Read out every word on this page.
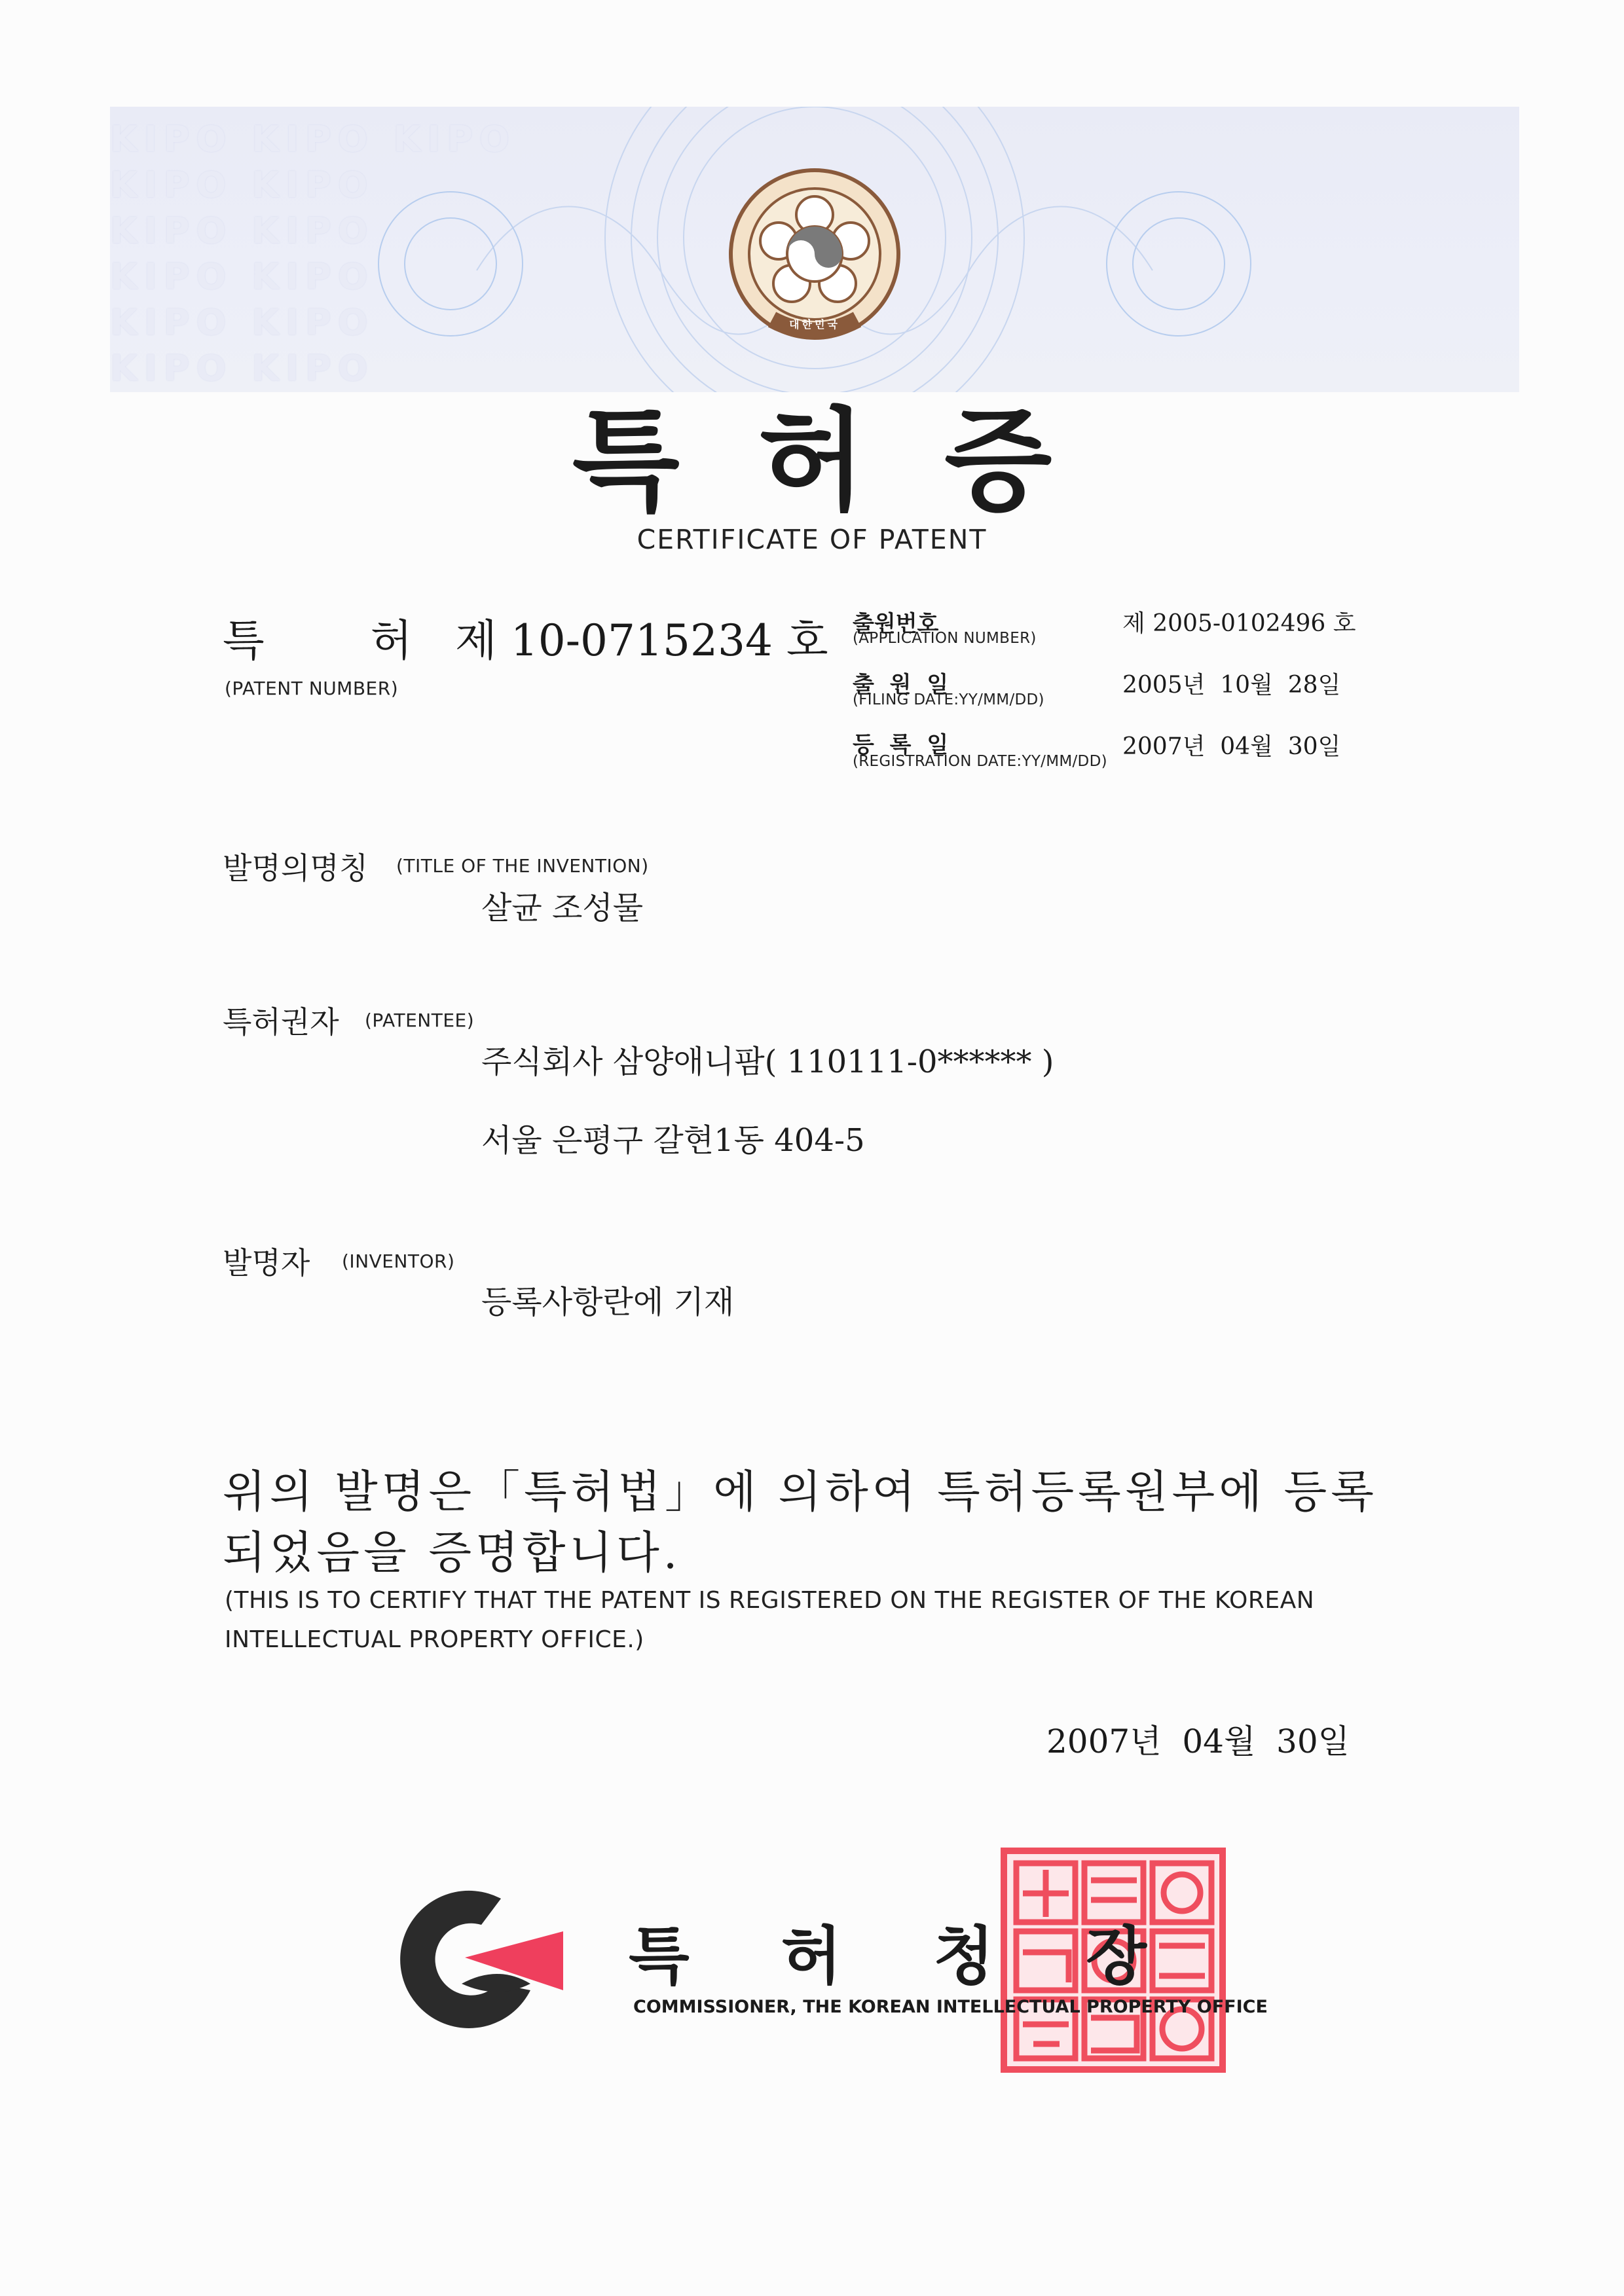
KIPO KIPO KIPO
KIPO KIPO
KIPO KIPO
KIPO KIPO
KIPO KIPO
KIPO KIPO
대한민국
특허증
CERTIFICATE OF PATENT
특  허 제 10-0715234 호
(PATENT NUMBER)
출원번호
(APPLICATION NUMBER)
제 2005-0102496 호
출 원 일
(FILING DATE:YY/MM/DD)
2005년  10월  28일
등 록 일
(REGISTRATION DATE:YY/MM/DD)
2007년  04월  30일
발명의명칭 (TITLE OF THE INVENTION)
살균 조성물
특허권자 (PATENTEE)
주식회사 삼양애니팜( 110111-0****** )
서울 은평구 갈현1동 404-5
발명자 (INVENTOR)
등록사항란에 기재
위의 발명은「특허법」에 의하여 특허등록원부에 등록
되었음을 증명합니다.
(THIS IS TO CERTIFY THAT THE PATENT IS REGISTERED ON THE REGISTER OF THE KOREAN
INTELLECTUAL PROPERTY OFFICE.)
2007년  04월  30일
특허청장
COMMISSIONER, THE KOREAN INTELLECTUAL PROPERTY OFFICE
